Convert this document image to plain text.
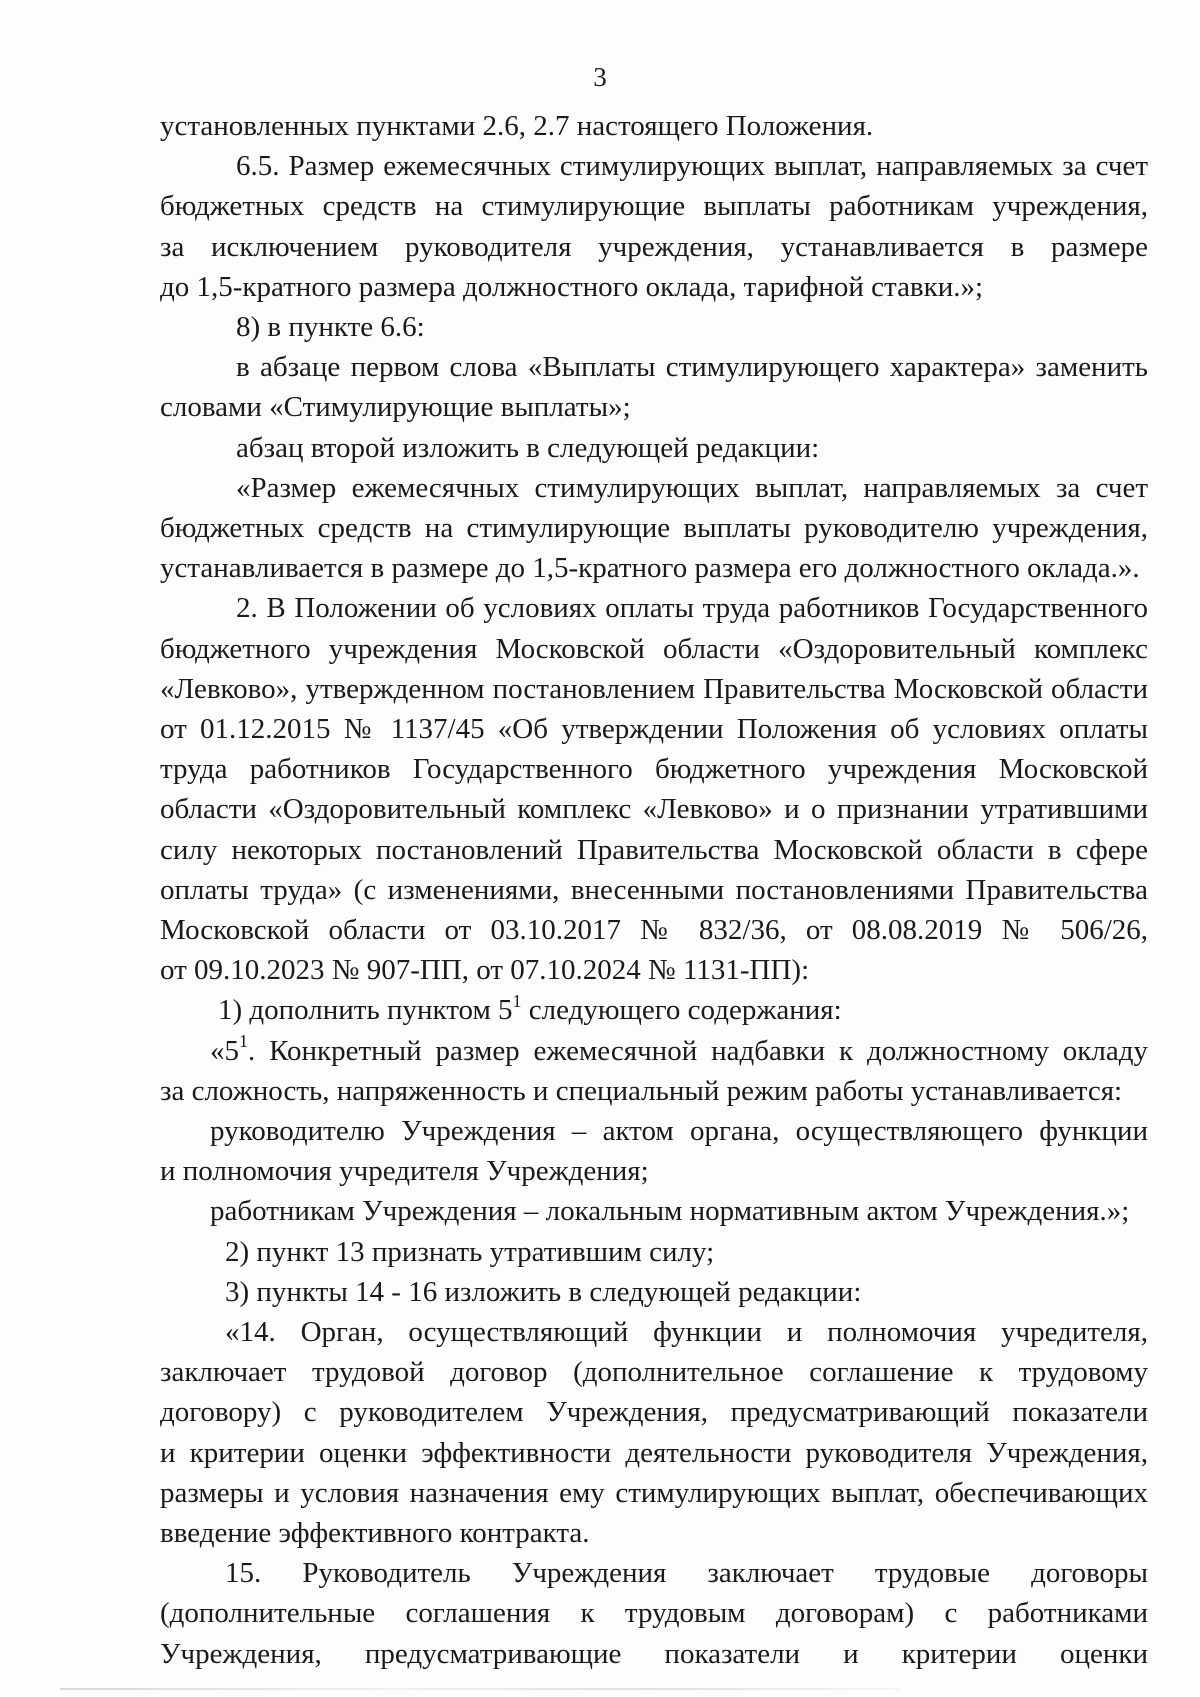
3
установленных пунктами 2.6, 2.7 настоящего Положения.
6.5. Размер ежемесячных стимулирующих выплат, направляемых за счет
бюджетных средств на стимулирующие выплаты работникам учреждения,
за исключением руководителя учреждения, устанавливается в размере
до 1,5-кратного размера должностного оклада, тарифной ставки.»;
8) в пункте 6.6:
в абзаце первом слова «Выплаты стимулирующего характера» заменить
словами «Стимулирующие выплаты»;
абзац второй изложить в следующей редакции:
«Размер ежемесячных стимулирующих выплат, направляемых за счет
бюджетных средств на стимулирующие выплаты руководителю учреждения,
устанавливается в размере до 1,5-кратного размера его должностного оклада.».
2. В Положении об условиях оплаты труда работников Государственного
бюджетного учреждения Московской области «Оздоровительный комплекс
«Левково», утвержденном постановлением Правительства Московской области
от 01.12.2015 № 1137/45 «Об утверждении Положения об условиях оплаты
труда работников Государственного бюджетного учреждения Московской
области «Оздоровительный комплекс «Левково» и о признании утратившими
силу некоторых постановлений Правительства Московской области в сфере
оплаты труда» (с изменениями, внесенными постановлениями Правительства
Московской области от 03.10.2017 № 832/36, от 08.08.2019 № 506/26,
от 09.10.2023 № 907-ПП, от 07.10.2024 № 1131-ПП):
1) дополнить пунктом $5^1$ следующего содержания:
«$5^1$. Конкретный размер ежемесячной надбавки к должностному окладу
за сложность, напряженность и специальный режим работы устанавливается:
руководителю Учреждения – актом органа, осуществляющего функции
и полномочия учредителя Учреждения;
работникам Учреждения – локальным нормативным актом Учреждения.»;
2) пункт 13 признать утратившим силу;
3) пункты 14 - 16 изложить в следующей редакции:
«14. Орган, осуществляющий функции и полномочия учредителя,
заключает трудовой договор (дополнительное соглашение к трудовому
договору) с руководителем Учреждения, предусматривающий показатели
и критерии оценки эффективности деятельности руководителя Учреждения,
размеры и условия назначения ему стимулирующих выплат, обеспечивающих
введение эффективного контракта.
15. Руководитель Учреждения заключает трудовые договоры
(дополнительные соглашения к трудовым договорам) с работниками
Учреждения, предусматривающие показатели и критерии оценки
